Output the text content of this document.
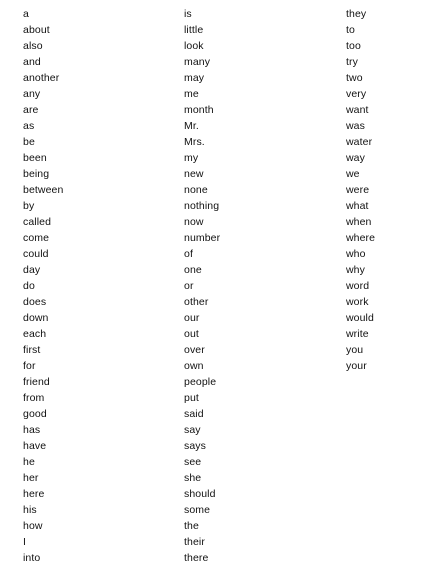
a
about
also
and
another
any
are
as
be
been
being
between
by
called
come
could
day
do
does
down
each
first
for
friend
from
good
has
have
he
her
here
his
how
I
into
is
little
look
many
may
me
month
Mr.
Mrs.
my
new
none
nothing
now
number
of
one
or
other
our
out
over
own
people
put
said
say
says
see
she
should
some
the
their
there
they
to
too
try
two
very
want
was
water
way
we
were
what
when
where
who
why
word
work
would
write
you
your
